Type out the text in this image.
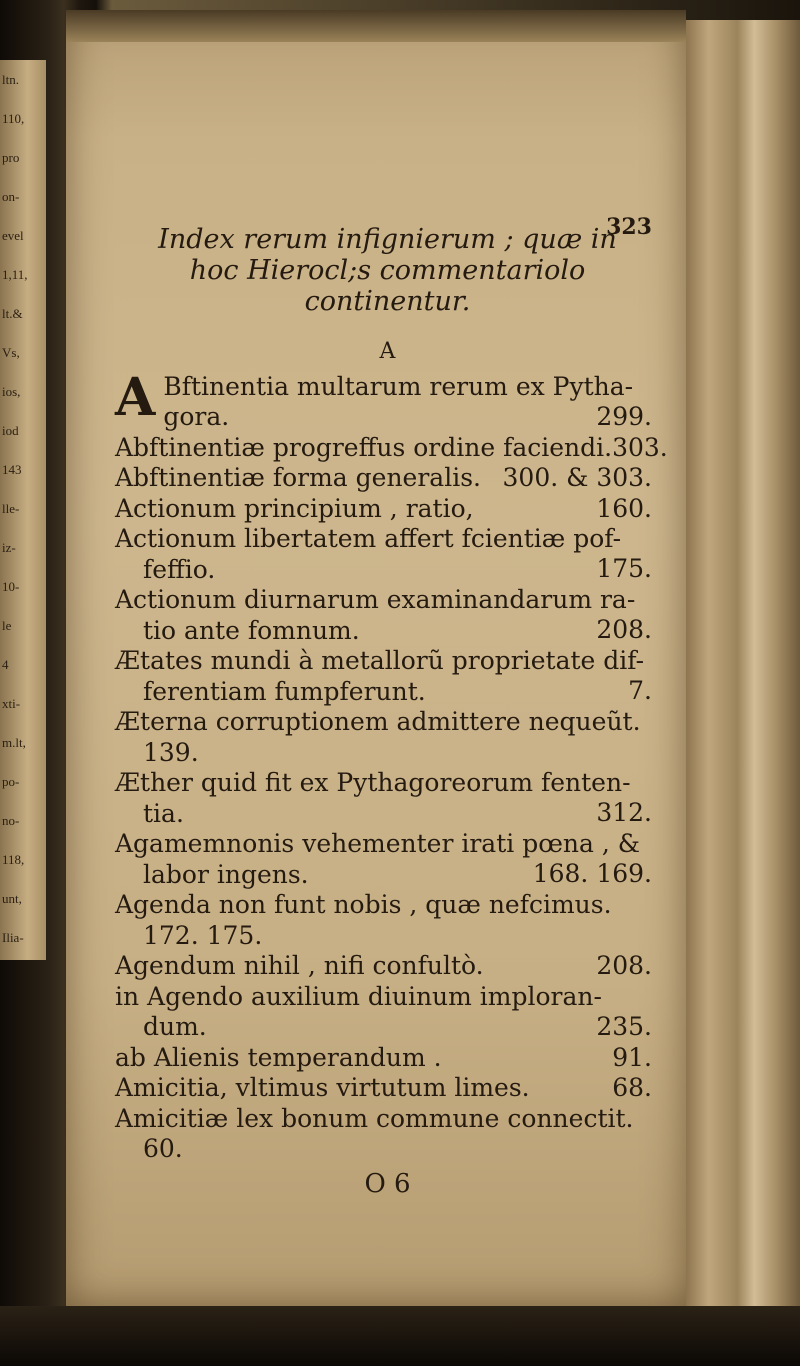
ltn.
110,
pro
on-
evel
1,11,
lt.&
Vs,
ios,
iod
143
lle-
iz-
10-
le
4
xti-
m.lt,
po-
no-
118,
unt,
Ilia-
323
Index rerum infignierum ; quæ in
hoc Hierocl;s commentariolo
continentur.
A
A Bftinentia multarum rerum ex Pytha-
gora.	299.
Abftinentiæ progreffus ordine faciendi.303.
Abftinentiæ forma generalis. 300. & 303.
Actionum principium , ratio,	160.
Actionum libertatem affert fcientiæ pof-
feffio.	175.
Actionum diurnarum examinandarum ra-
tio ante fomnum.	208.
Ætates mundi à metallorũ proprietate dif-
ferentiam fumpferunt.	7.
Æterna corruptionem admittere nequeũt.
139.
Æther quid fit ex Pythagoreorum fenten-
tia.	312.
Agamemnonis vehementer irati pœna , &
labor ingens.	168. 169.
Agenda non funt nobis , quæ nefcimus.
172. 175.
Agendum nihil , nifi confultò.	208.
in Agendo auxilium diuinum imploran-
dum.	235.
ab Alienis temperandum .	91.
Amicitia, vltimus virtutum limes.	68.
Amicitiæ lex bonum commune connectit.
60.
O 6
